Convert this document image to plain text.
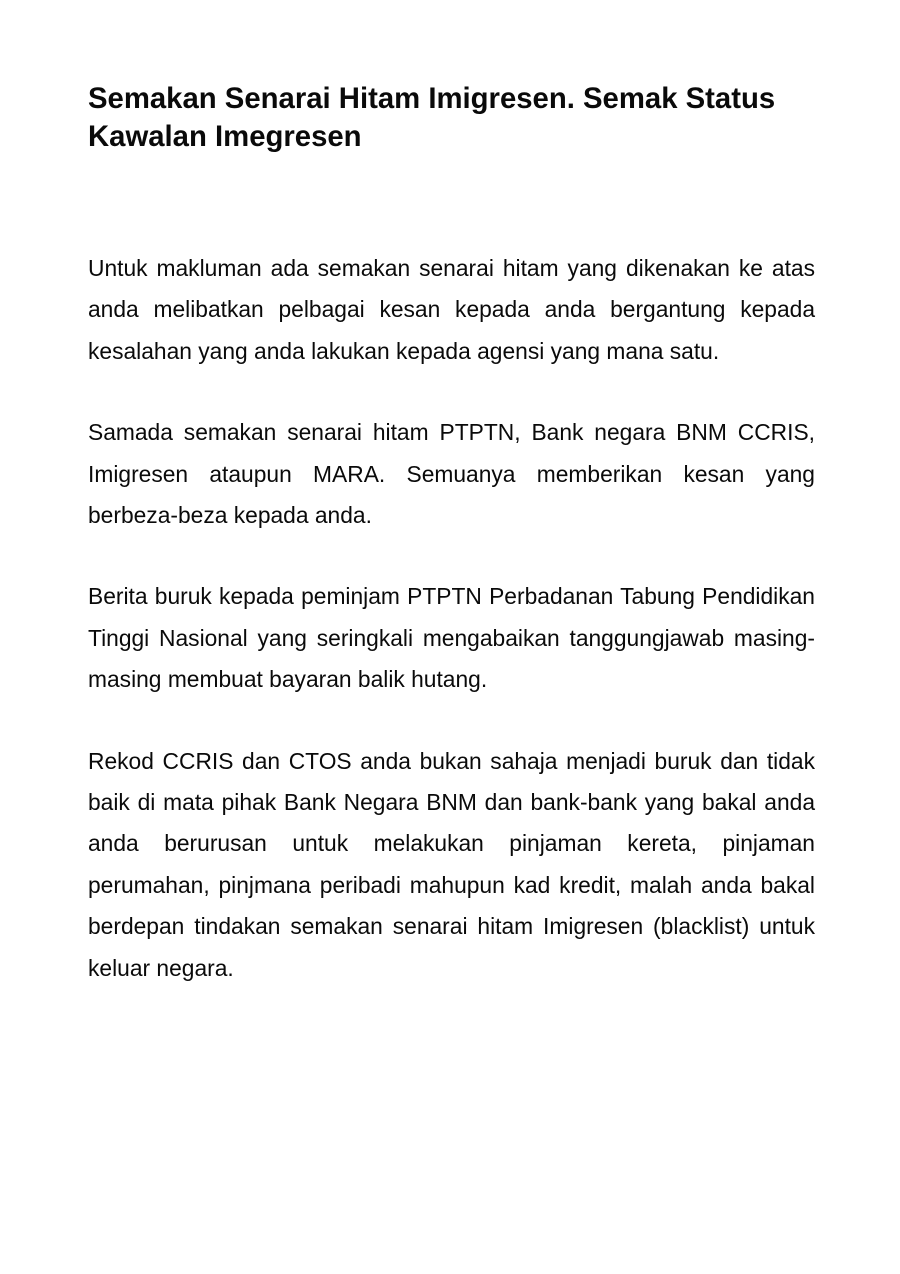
Semakan Senarai Hitam Imigresen. Semak Status Kawalan Imegresen

Untuk makluman ada semakan senarai hitam yang dikenakan ke atas anda melibatkan pelbagai kesan kepada anda bergantung kepada kesalahan yang anda lakukan kepada agensi yang mana satu.

Samada semakan senarai hitam PTPTN, Bank negara BNM CCRIS, Imigresen ataupun MARA. Semuanya memberikan kesan yang berbeza-beza kepada anda.

Berita buruk kepada peminjam PTPTN Perbadanan Tabung Pendidikan Tinggi Nasional yang seringkali mengabaikan tanggungjawab masing-masing membuat bayaran balik hutang.

Rekod CCRIS dan CTOS anda bukan sahaja menjadi buruk dan tidak baik di mata pihak Bank Negara BNM dan bank-bank yang bakal anda anda berurusan untuk melakukan pinjaman kereta, pinjaman perumahan, pinjmana peribadi mahupun kad kredit, malah anda bakal berdepan tindakan semakan senarai hitam Imigresen (blacklist) untuk keluar negara.
